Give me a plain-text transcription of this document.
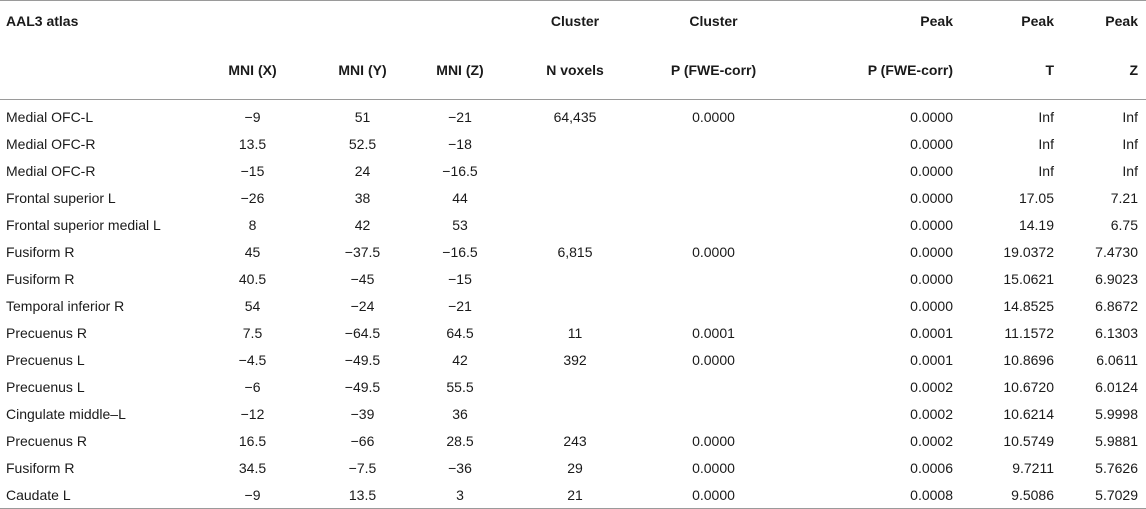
AAL3 atlas				Cluster	Cluster	Peak	Peak	Peak
	MNI (X)	MNI (Y)	MNI (Z)	N voxels	P (FWE-corr)	P (FWE-corr)	T	Z
Medial OFC-L	−9	51	−21	64,435	0.0000	0.0000	Inf	Inf
Medial OFC-R	13.5	52.5	−18			0.0000	Inf	Inf
Medial OFC-R	−15	24	−16.5			0.0000	Inf	Inf
Frontal superior L	−26	38	44			0.0000	17.05	7.21
Frontal superior medial L	8	42	53			0.0000	14.19	6.75
Fusiform R	45	−37.5	−16.5	6,815	0.0000	0.0000	19.0372	7.4730
Fusiform R	40.5	−45	−15			0.0000	15.0621	6.9023
Temporal inferior R	54	−24	−21			0.0000	14.8525	6.8672
Precuenus R	7.5	−64.5	64.5	11	0.0001	0.0001	11.1572	6.1303
Precuenus L	−4.5	−49.5	42	392	0.0000	0.0001	10.8696	6.0611
Precuenus L	−6	−49.5	55.5			0.0002	10.6720	6.0124
Cingulate middle–L	−12	−39	36			0.0002	10.6214	5.9998
Precuenus R	16.5	−66	28.5	243	0.0000	0.0002	10.5749	5.9881
Fusiform R	34.5	−7.5	−36	29	0.0000	0.0006	9.7211	5.7626
Caudate L	−9	13.5	3	21	0.0000	0.0008	9.5086	5.7029
